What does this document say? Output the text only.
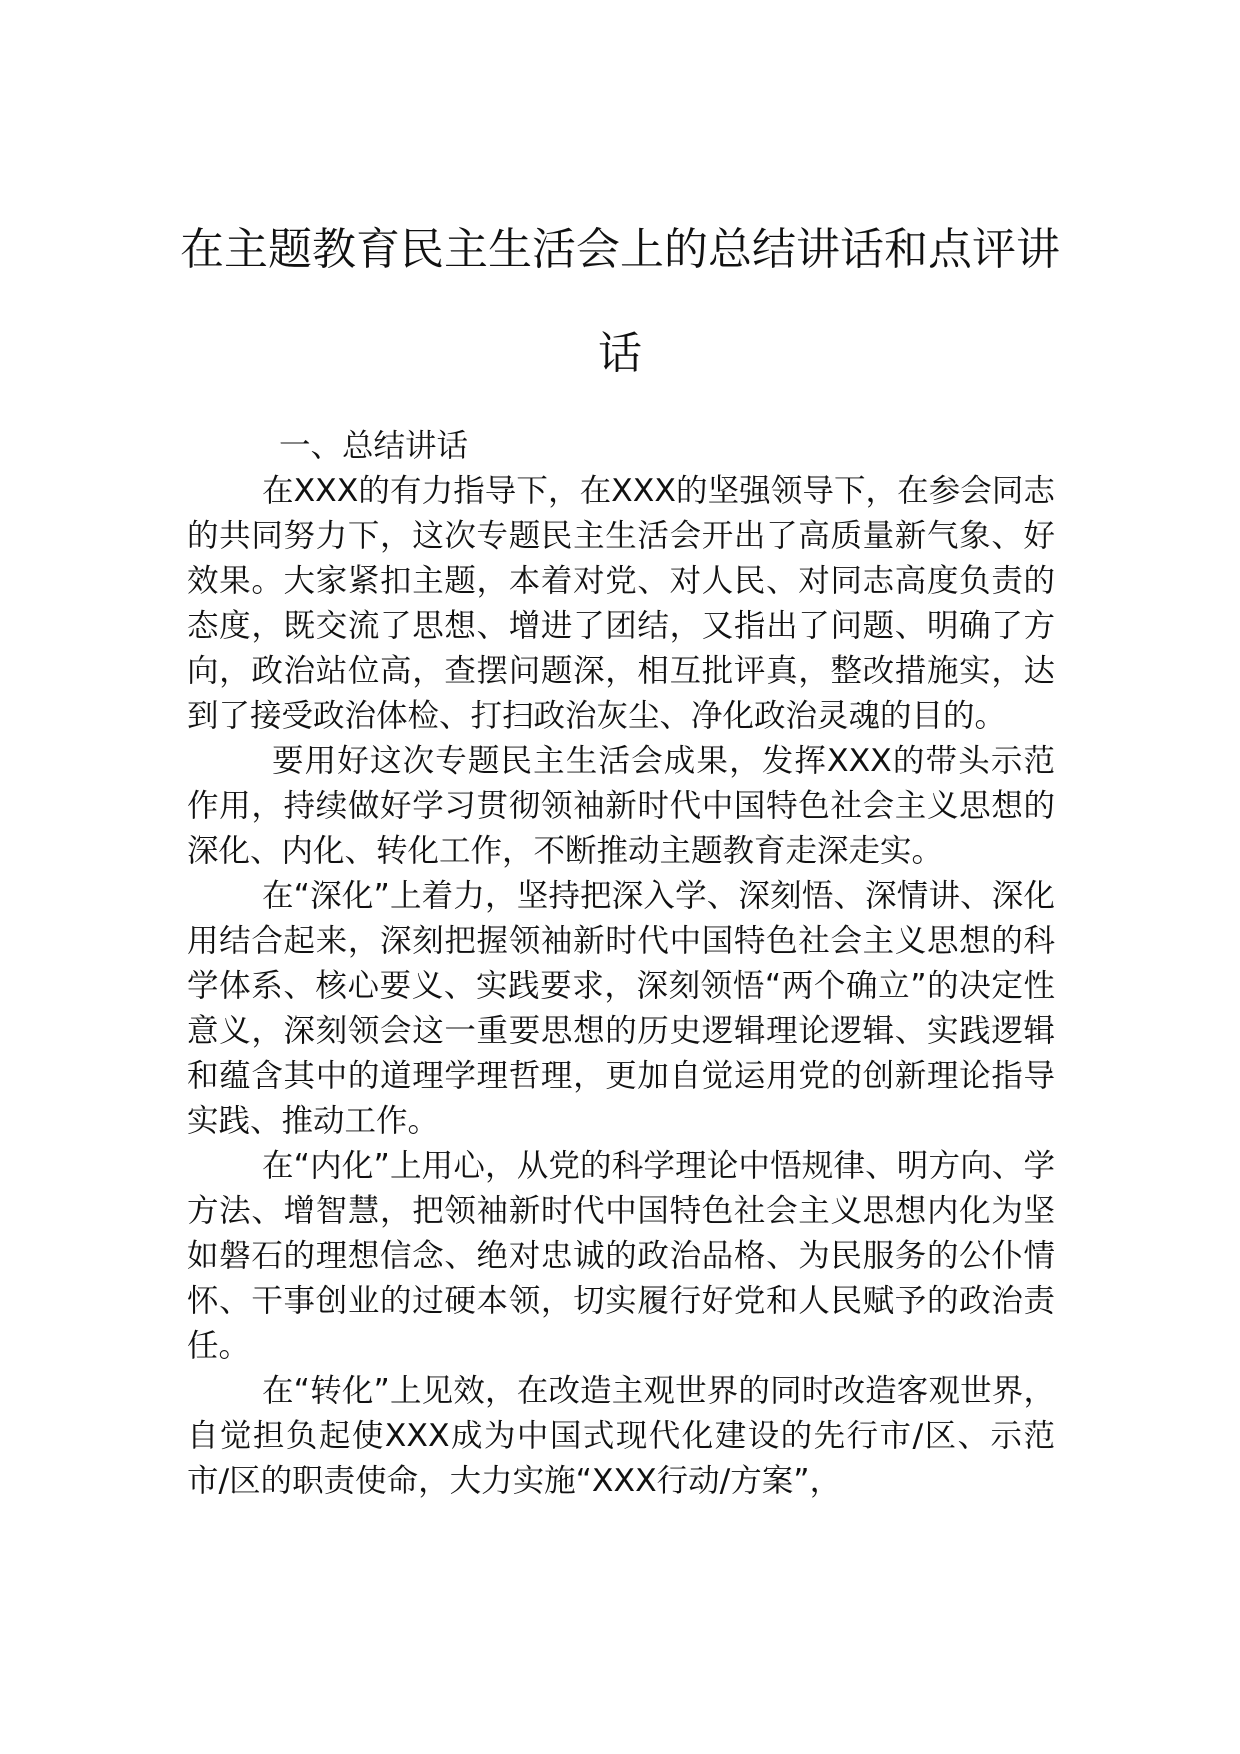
在主题教育民主生活会上的总结讲话和点评讲话

一、总结讲话

在XXX的有力指导下，在XXX的坚强领导下，在参会同志的共同努力下，这次专题民主生活会开出了高质量新气象、好效果。大家紧扣主题，本着对党、对人民、对同志高度负责的态度，既交流了思想、增进了团结，又指出了问题、明确了方向，政治站位高，查摆问题深，相互批评真，整改措施实，达到了接受政治体检、打扫政治灰尘、净化政治灵魂的目的。

要用好这次专题民主生活会成果，发挥XXX的带头示范作用，持续做好学习贯彻领袖新时代中国特色社会主义思想的深化、内化、转化工作，不断推动主题教育走深走实。

在“深化”上着力，坚持把深入学、深刻悟、深情讲、深化用结合起来，深刻把握领袖新时代中国特色社会主义思想的科学体系、核心要义、实践要求，深刻领悟“两个确立”的决定性意义，深刻领会这一重要思想的历史逻辑理论逻辑、实践逻辑和蕴含其中的道理学理哲理，更加自觉运用党的创新理论指导实践、推动工作。

在“内化”上用心，从党的科学理论中悟规律、明方向、学方法、增智慧，把领袖新时代中国特色社会主义思想内化为坚如磐石的理想信念、绝对忠诚的政治品格、为民服务的公仆情怀、干事创业的过硬本领，切实履行好党和人民赋予的政治责任。

在“转化”上见效，在改造主观世界的同时改造客观世界，自觉担负起使XXX成为中国式现代化建设的先行市/区、示范市/区的职责使命，大力实施“XXX行动/方案”，
